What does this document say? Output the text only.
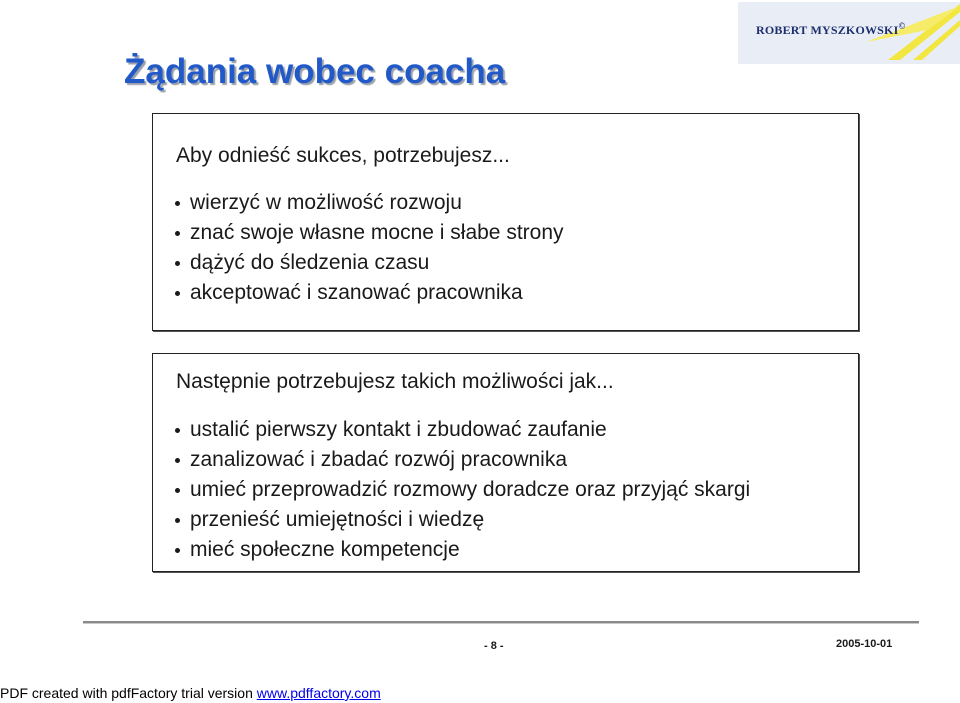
ROBERT MYSZKOWSKI©
Żądania wobec coacha
Aby odnieść sukces, potrzebujesz...
wierzyć w możliwość rozwoju
znać swoje własne mocne i słabe strony
dążyć do śledzenia czasu
akceptować i szanować pracownika
Następnie potrzebujesz takich możliwości jak...
ustalić pierwszy kontakt i zbudować zaufanie
zanalizować i zbadać rozwój pracownika
umieć przeprowadzić rozmowy doradcze oraz przyjąć skargi
przenieść umiejętności i wiedzę
mieć społeczne kompetencje
- 8 -	2005-10-01
PDF created with pdfFactory trial version www.pdffactory.com
